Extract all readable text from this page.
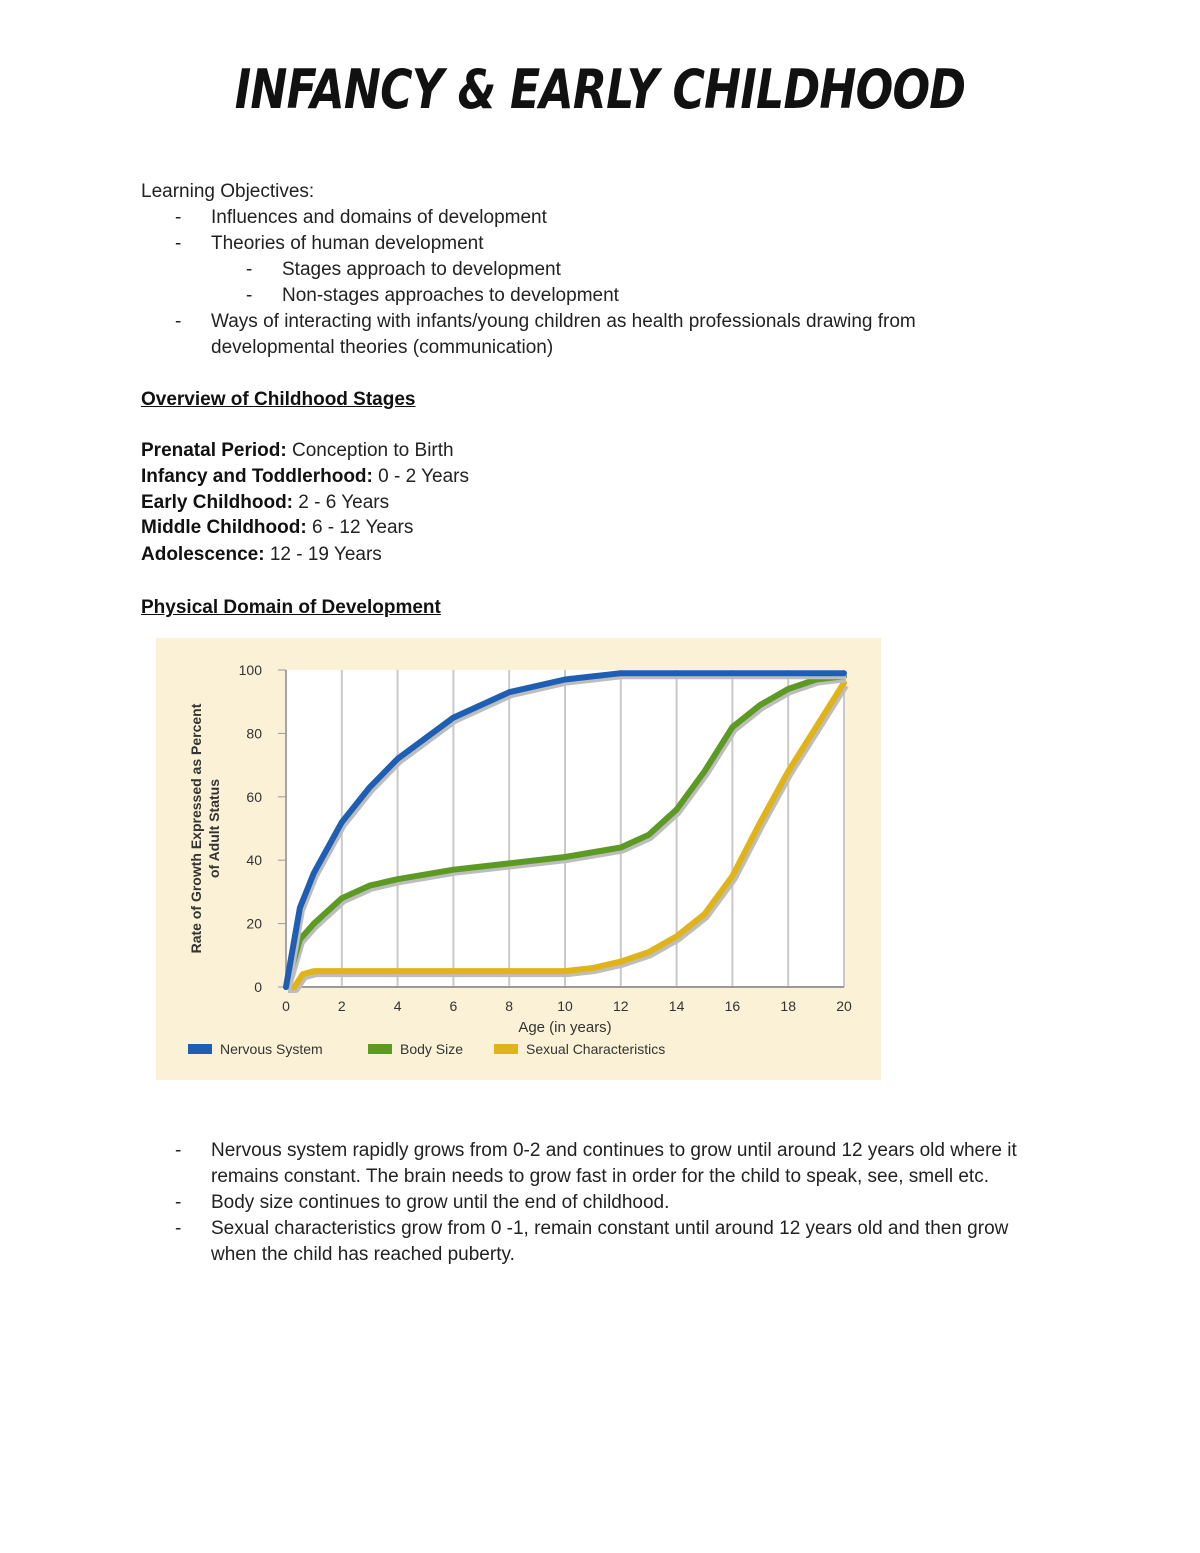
INFANCY & EARLY CHILDHOOD
Learning Objectives:
- Influences and domains of development
- Theories of human development
- Stages approach to development
- Non-stages approaches to development
- Ways of interacting with infants/young children as health professionals drawing from
developmental theories (communication)
Overview of Childhood Stages
Prenatal Period: Conception to Birth
Infancy and Toddlerhood: 0 - 2 Years
Early Childhood: 2 - 6 Years
Middle Childhood: 6 - 12 Years
Adolescence: 12 - 19 Years
Physical Domain of Development
0
20
40
60
80
100
0	2	4	6	8	10	12	14	16	18	20
Age (in years)
Rate of Growth Expressed as Percent of Adult Status
Nervous System	Body Size	Sexual Characteristics
- Nervous system rapidly grows from 0-2 and continues to grow until around 12 years old where it
remains constant. The brain needs to grow fast in order for the child to speak, see, smell etc.
- Body size continues to grow until the end of childhood.
- Sexual characteristics grow from 0 -1, remain constant until around 12 years old and then grow
when the child has reached puberty.
